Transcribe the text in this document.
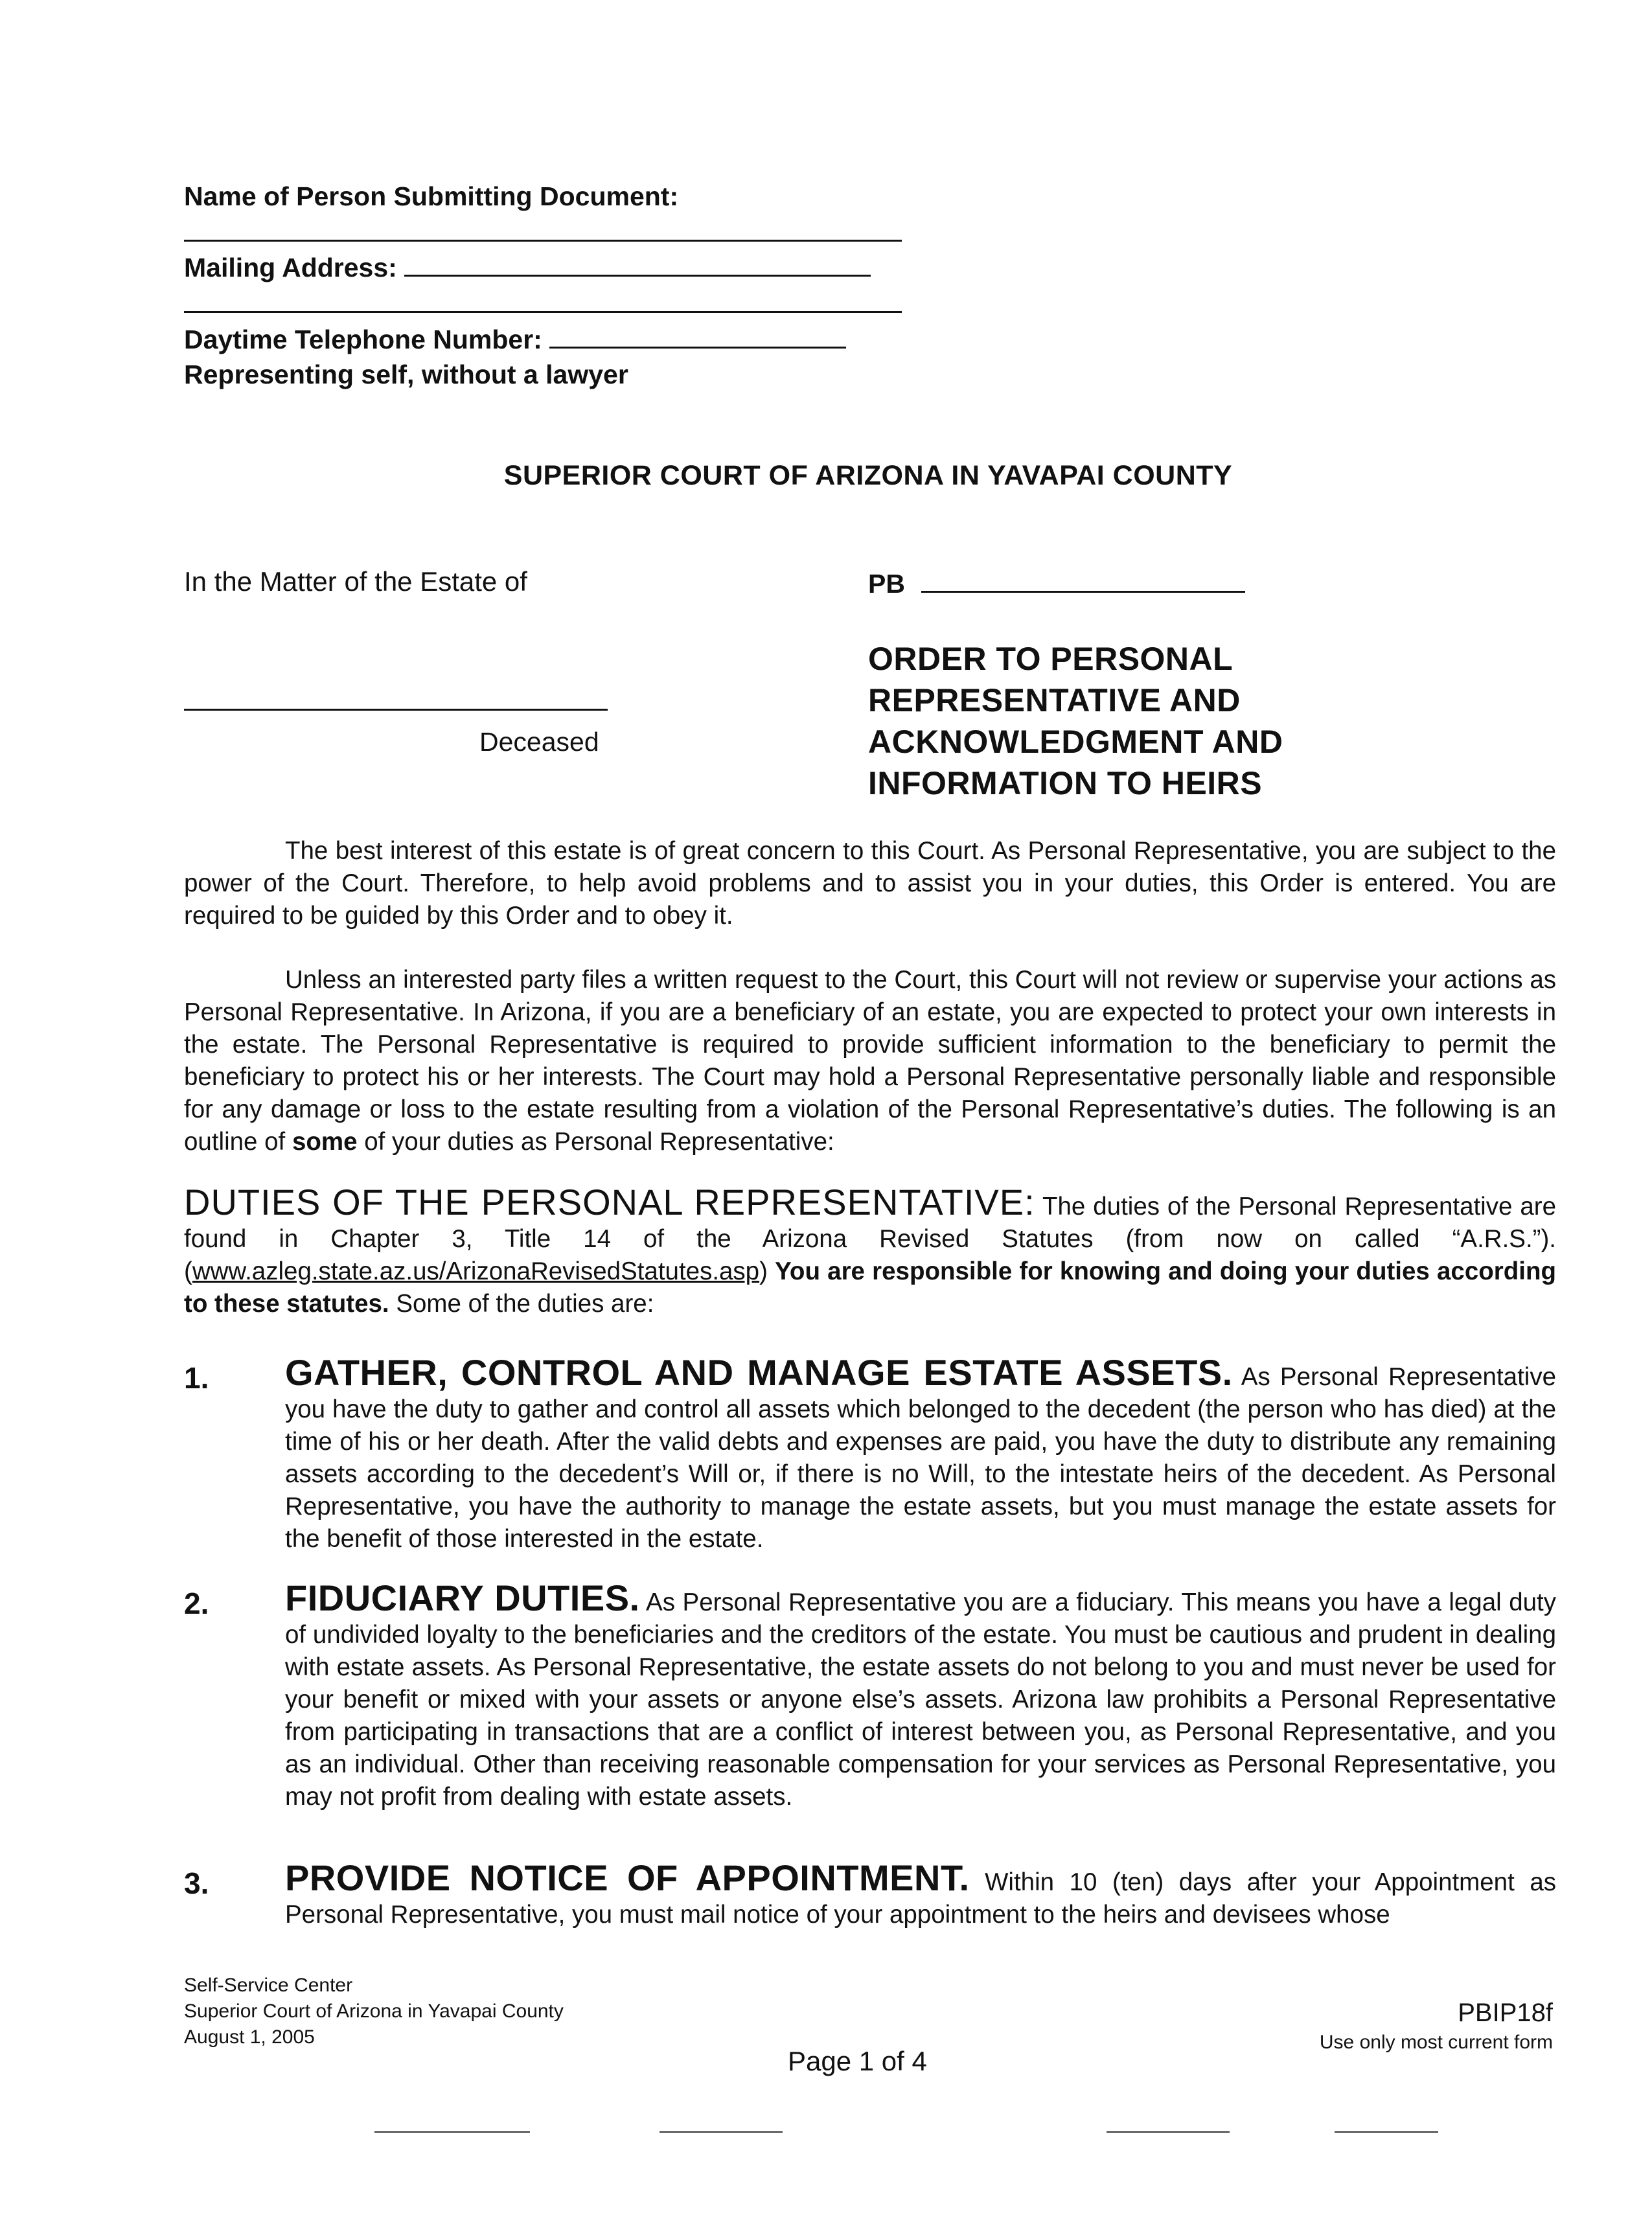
Name of Person Submitting Document:
Mailing Address:
Daytime Telephone Number:
Representing self, without a lawyer
SUPERIOR COURT OF ARIZONA IN YAVAPAI COUNTY
In the Matter of the Estate of
Deceased
PB
ORDER TO PERSONAL
REPRESENTATIVE AND
ACKNOWLEDGMENT AND
INFORMATION TO HEIRS
The best interest of this estate is of great concern to this Court. As Personal Representative, you are subject to the power of the Court. Therefore, to help avoid problems and to assist you in your duties, this Order is entered. You are required to be guided by this Order and to obey it.
Unless an interested party files a written request to the Court, this Court will not review or supervise your actions as Personal Representative. In Arizona, if you are a beneficiary of an estate, you are expected to protect your own interests in the estate. The Personal Representative is required to provide sufficient information to the beneficiary to permit the beneficiary to protect his or her interests. The Court may hold a Personal Representative personally liable and responsible for any damage or loss to the estate resulting from a violation of the Personal Representative’s duties. The following is an outline of some of your duties as Personal Representative:
DUTIES OF THE PERSONAL REPRESENTATIVE: The duties of the Personal Representative are found in Chapter 3, Title 14 of the Arizona Revised Statutes (from now on called “A.R.S.”). (www.azleg.state.az.us/ArizonaRevisedStatutes.asp) You are responsible for knowing and doing your duties according to these statutes. Some of the duties are:
1. GATHER, CONTROL AND MANAGE ESTATE ASSETS. As Personal Representative you have the duty to gather and control all assets which belonged to the decedent (the person who has died) at the time of his or her death. After the valid debts and expenses are paid, you have the duty to distribute any remaining assets according to the decedent’s Will or, if there is no Will, to the intestate heirs of the decedent. As Personal Representative, you have the authority to manage the estate assets, but you must manage the estate assets for the benefit of those interested in the estate.
2. FIDUCIARY DUTIES. As Personal Representative you are a fiduciary. This means you have a legal duty of undivided loyalty to the beneficiaries and the creditors of the estate. You must be cautious and prudent in dealing with estate assets. As Personal Representative, the estate assets do not belong to you and must never be used for your benefit or mixed with your assets or anyone else’s assets. Arizona law prohibits a Personal Representative from participating in transactions that are a conflict of interest between you, as Personal Representative, and you as an individual. Other than receiving reasonable compensation for your services as Personal Representative, you may not profit from dealing with estate assets.
3. PROVIDE NOTICE OF APPOINTMENT. Within 10 (ten) days after your Appointment as Personal Representative, you must mail notice of your appointment to the heirs and devisees whose
Self-Service Center
Superior Court of Arizona in Yavapai County
August 1, 2005
Page 1 of 4
PBIP18f
Use only most current form
